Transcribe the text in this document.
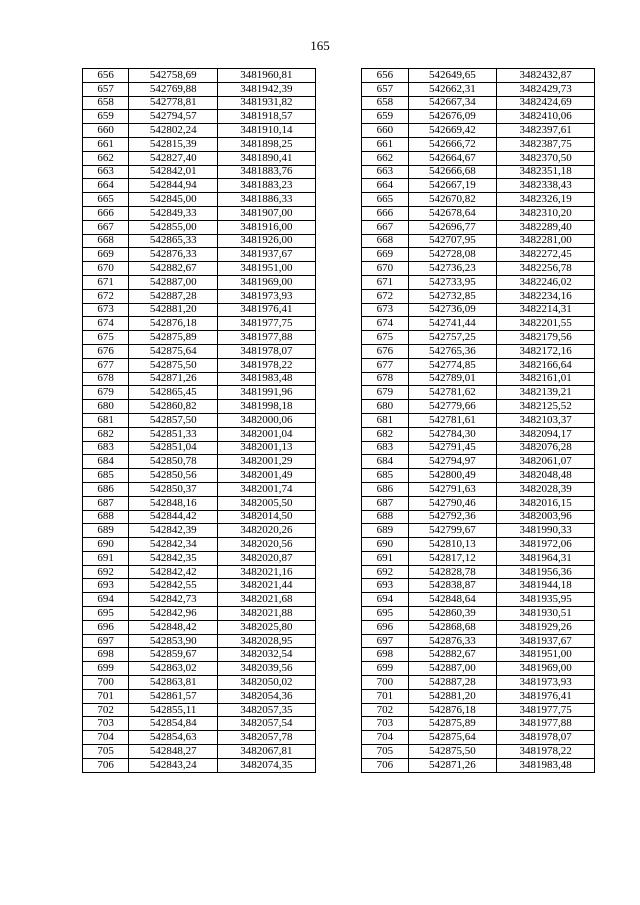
165
656	542758,69	3481960,81		656	542649,65	3482432,87
657	542769,88	3481942,39		657	542662,31	3482429,73
658	542778,81	3481931,82		658	542667,34	3482424,69
659	542794,57	3481918,57		659	542676,09	3482410,06
660	542802,24	3481910,14		660	542669,42	3482397,61
661	542815,39	3481898,25		661	542666,72	3482387,75
662	542827,40	3481890,41		662	542664,67	3482370,50
663	542842,01	3481883,76		663	542666,68	3482351,18
664	542844,94	3481883,23		664	542667,19	3482338,43
665	542845,00	3481886,33		665	542670,82	3482326,19
666	542849,33	3481907,00		666	542678,64	3482310,20
667	542855,00	3481916,00		667	542696,77	3482289,40
668	542865,33	3481926,00		668	542707,95	3482281,00
669	542876,33	3481937,67		669	542728,08	3482272,45
670	542882,67	3481951,00		670	542736,23	3482256,78
671	542887,00	3481969,00		671	542733,95	3482246,02
672	542887,28	3481973,93		672	542732,85	3482234,16
673	542881,20	3481976,41		673	542736,09	3482214,31
674	542876,18	3481977,75		674	542741,44	3482201,55
675	542875,89	3481977,88		675	542757,25	3482179,56
676	542875,64	3481978,07		676	542765,36	3482172,16
677	542875,50	3481978,22		677	542774,85	3482166,64
678	542871,26	3481983,48		678	542789,01	3482161,01
679	542865,45	3481991,96		679	542781,62	3482139,21
680	542860,82	3481998,18		680	542779,66	3482125,52
681	542857,50	3482000,06		681	542781,61	3482103,37
682	542851,33	3482001,04		682	542784,30	3482094,17
683	542851,04	3482001,13		683	542791,45	3482076,28
684	542850,78	3482001,29		684	542794,97	3482061,07
685	542850,56	3482001,49		685	542800,49	3482048,48
686	542850,37	3482001,74		686	542791,63	3482028,39
687	542848,16	3482005,50		687	542790,46	3482016,15
688	542844,42	3482014,50		688	542792,36	3482003,96
689	542842,39	3482020,26		689	542799,67	3481990,33
690	542842,34	3482020,56		690	542810,13	3481972,06
691	542842,35	3482020,87		691	542817,12	3481964,31
692	542842,42	3482021,16		692	542828,78	3481956,36
693	542842,55	3482021,44		693	542838,87	3481944,18
694	542842,73	3482021,68		694	542848,64	3481935,95
695	542842,96	3482021,88		695	542860,39	3481930,51
696	542848,42	3482025,80		696	542868,68	3481929,26
697	542853,90	3482028,95		697	542876,33	3481937,67
698	542859,67	3482032,54		698	542882,67	3481951,00
699	542863,02	3482039,56		699	542887,00	3481969,00
700	542863,81	3482050,02		700	542887,28	3481973,93
701	542861,57	3482054,36		701	542881,20	3481976,41
702	542855,11	3482057,35		702	542876,18	3481977,75
703	542854,84	3482057,54		703	542875,89	3481977,88
704	542854,63	3482057,78		704	542875,64	3481978,07
705	542848,27	3482067,81		705	542875,50	3481978,22
706	542843,24	3482074,35		706	542871,26	3481983,48
